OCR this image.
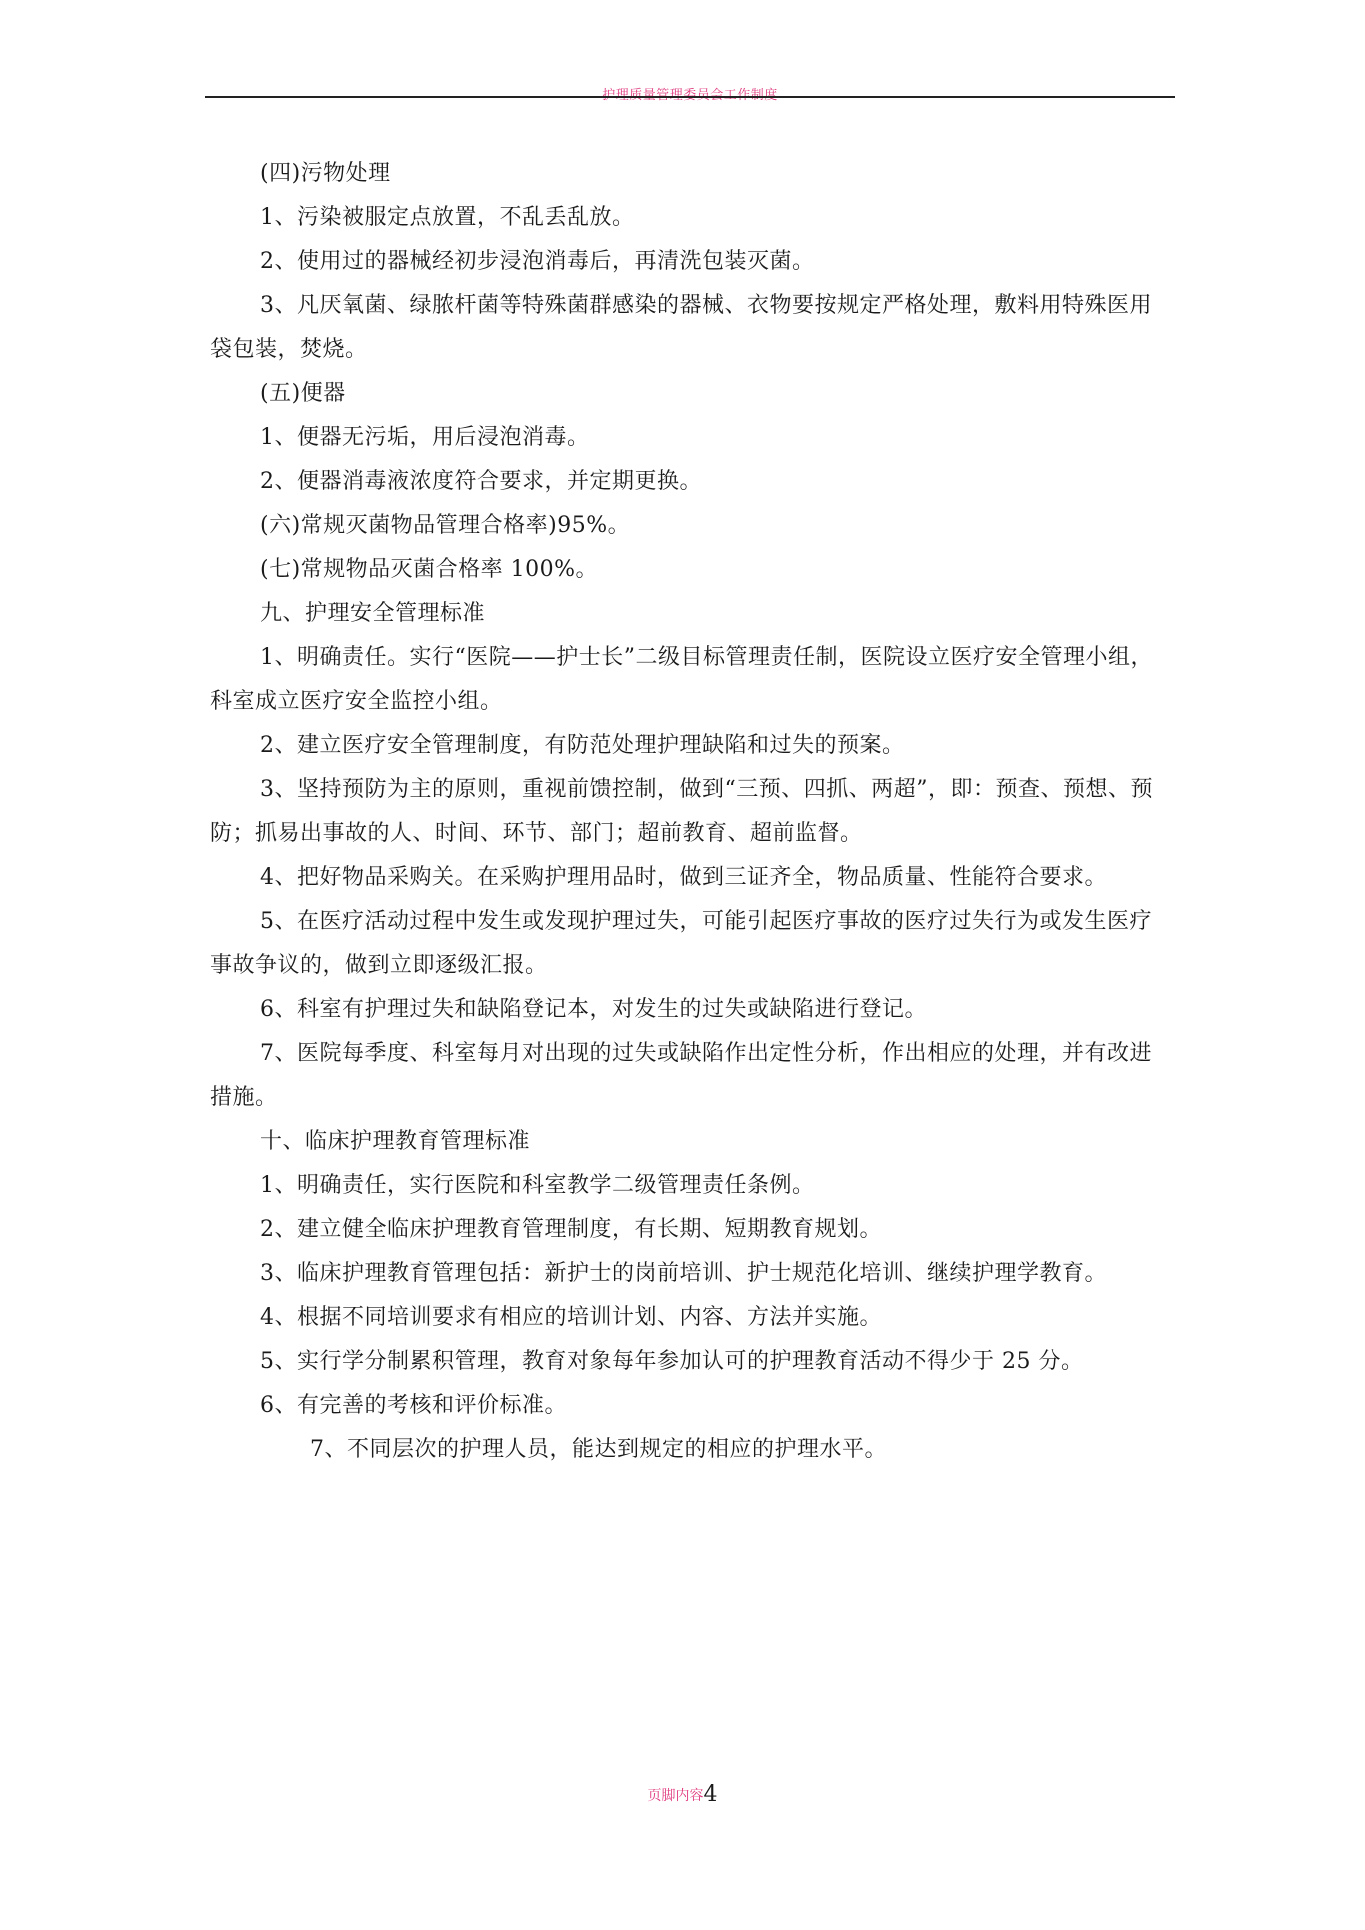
护理质量管理委员会工作制度

(四)污物处理

1、污染被服定点放置，不乱丢乱放。

2、使用过的器械经初步浸泡消毒后，再清洗包装灭菌。

3、凡厌氧菌、绿脓杆菌等特殊菌群感染的器械、衣物要按规定严格处理，敷料用特殊医用袋包装，焚烧。

(五)便器

1、便器无污垢，用后浸泡消毒。

2、便器消毒液浓度符合要求，并定期更换。

(六)常规灭菌物品管理合格率)95%。

(七)常规物品灭菌合格率 100%。

九、护理安全管理标准

1、明确责任。实行“医院——护士长”二级目标管理责任制，医院设立医疗安全管理小组，科室成立医疗安全监控小组。

2、建立医疗安全管理制度，有防范处理护理缺陷和过失的预案。

3、坚持预防为主的原则，重视前馈控制，做到“三预、四抓、两超”，即：预查、预想、预防；抓易出事故的人、时间、环节、部门；超前教育、超前监督。

4、把好物品采购关。在采购护理用品时，做到三证齐全，物品质量、性能符合要求。

5、在医疗活动过程中发生或发现护理过失，可能引起医疗事故的医疗过失行为或发生医疗事故争议的，做到立即逐级汇报。

6、科室有护理过失和缺陷登记本，对发生的过失或缺陷进行登记。

7、医院每季度、科室每月对出现的过失或缺陷作出定性分析，作出相应的处理，并有改进措施。

十、临床护理教育管理标准

1、明确责任，实行医院和科室教学二级管理责任条例。

2、建立健全临床护理教育管理制度，有长期、短期教育规划。

3、临床护理教育管理包括：新护士的岗前培训、护士规范化培训、继续护理学教育。

4、根据不同培训要求有相应的培训计划、内容、方法并实施。

5、实行学分制累积管理，教育对象每年参加认可的护理教育活动不得少于 25 分。

6、有完善的考核和评价标准。

7、不同层次的护理人员，能达到规定的相应的护理水平。

页脚内容4
